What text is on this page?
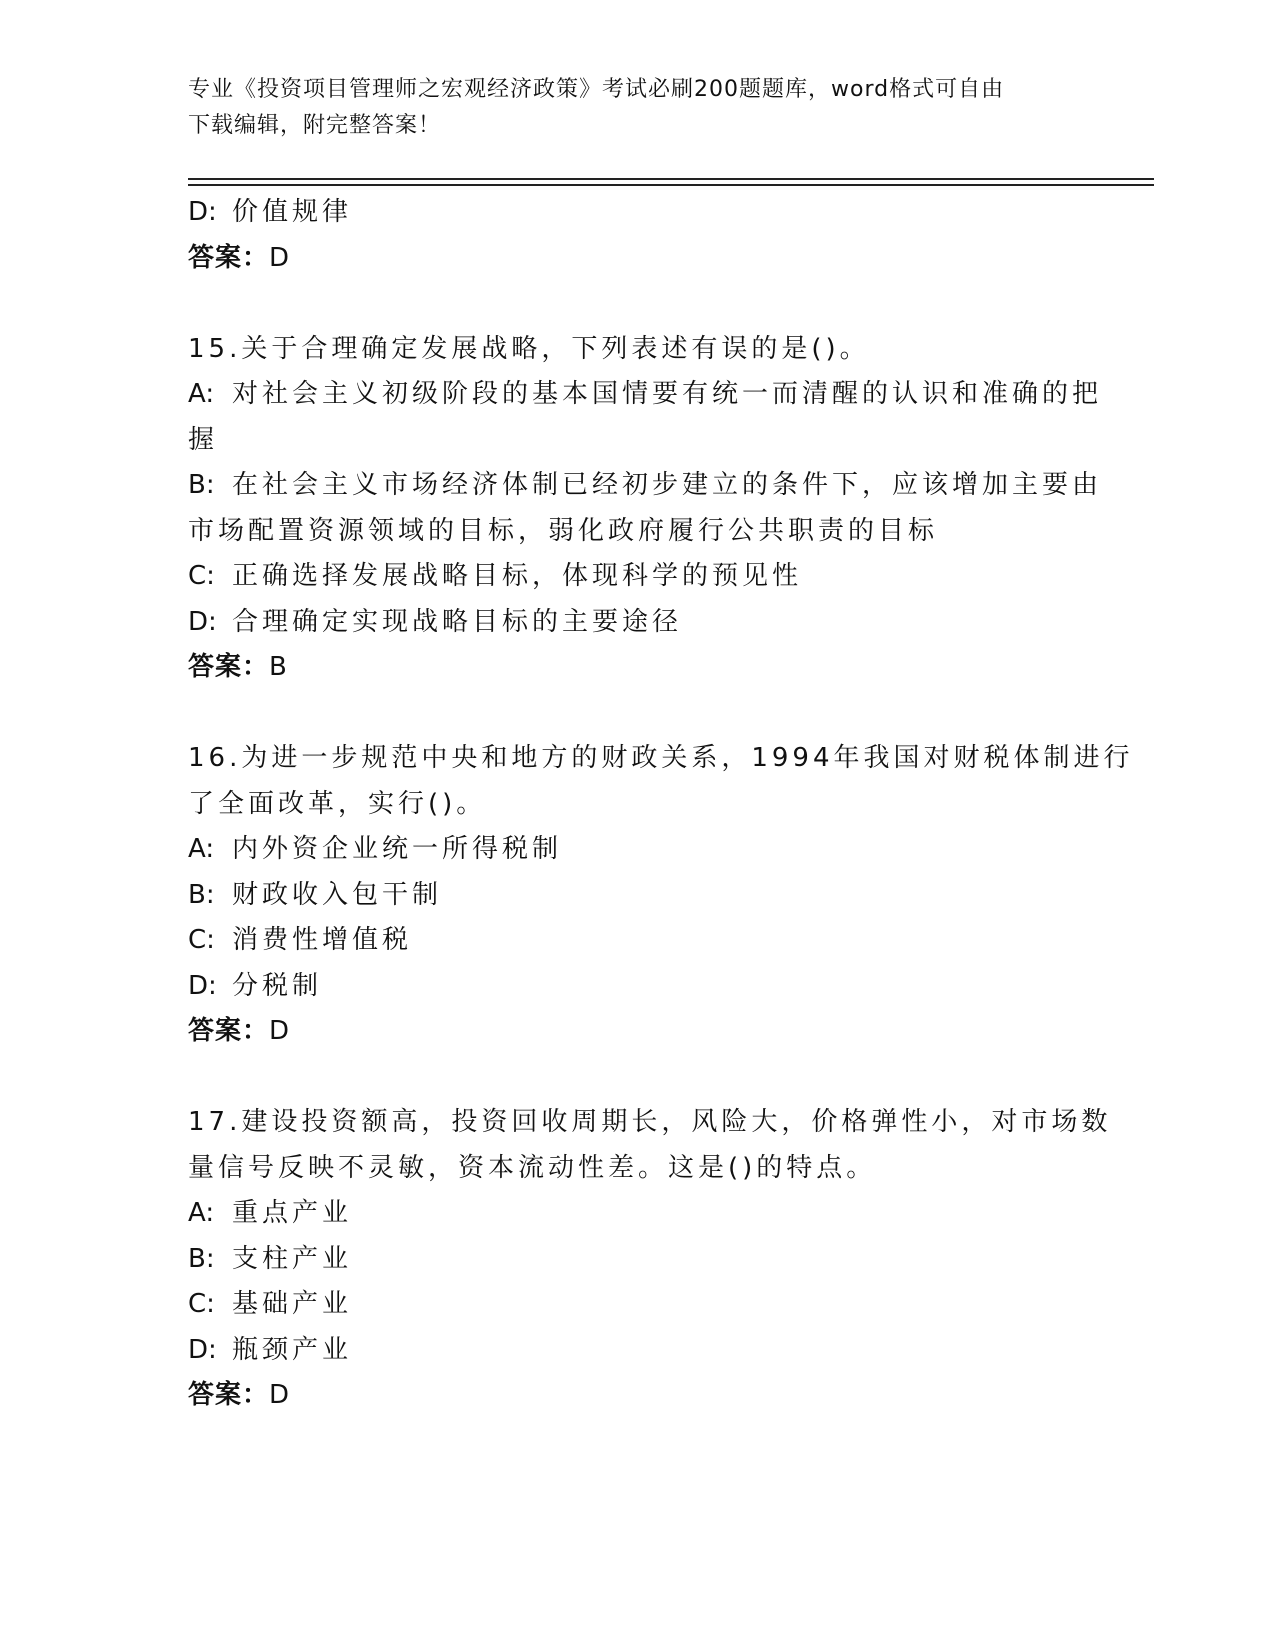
专业《投资项目管理师之宏观经济政策》考试必刷200题题库，word格式可自由
下载编辑，附完整答案！
D: 价值规律
答案：D
15.关于合理确定发展战略，下列表述有误的是()。
A: 对社会主义初级阶段的基本国情要有统一而清醒的认识和准确的把
握
B: 在社会主义市场经济体制已经初步建立的条件下，应该增加主要由
市场配置资源领域的目标，弱化政府履行公共职责的目标
C: 正确选择发展战略目标，体现科学的预见性
D: 合理确定实现战略目标的主要途径
答案：B
16.为进一步规范中央和地方的财政关系，1994年我国对财税体制进行
了全面改革，实行()。
A: 内外资企业统一所得税制
B: 财政收入包干制
C: 消费性增值税
D: 分税制
答案：D
17.建设投资额高，投资回收周期长，风险大，价格弹性小，对市场数
量信号反映不灵敏，资本流动性差。这是()的特点。
A: 重点产业
B: 支柱产业
C: 基础产业
D: 瓶颈产业
答案：D
